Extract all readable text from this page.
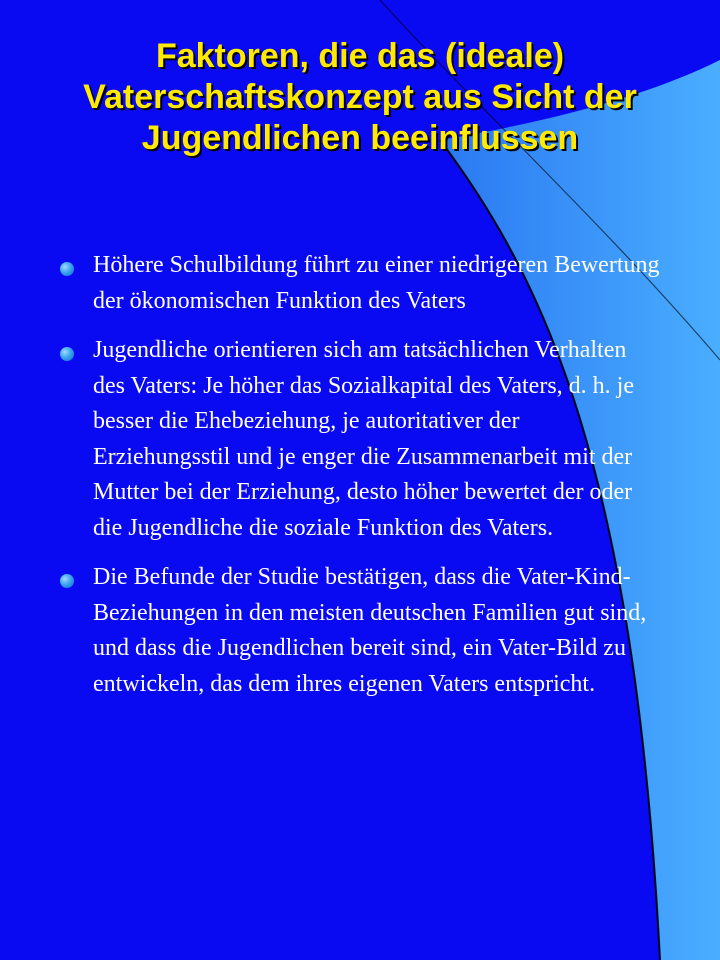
Faktoren, die das (ideale) Vaterschaftskonzept aus Sicht der Jugendlichen beeinflussen
Höhere Schulbildung führt zu einer niedrigeren Bewertung der ökonomischen Funktion des Vaters
Jugendliche orientieren sich am tatsächlichen Verhalten des Vaters: Je höher das Sozialkapital des Vaters, d. h. je besser die Ehebeziehung, je autoritativer der Erziehungsstil und je enger die Zusammenarbeit mit der Mutter bei der Erziehung, desto höher bewertet der oder die Jugendliche die soziale Funktion des Vaters.
Die Befunde der Studie bestätigen, dass die Vater-Kind-Beziehungen in den meisten deutschen Familien gut sind, und dass die Jugendlichen bereit sind, ein Vater-Bild zu entwickeln, das dem ihres eigenen Vaters entspricht.
